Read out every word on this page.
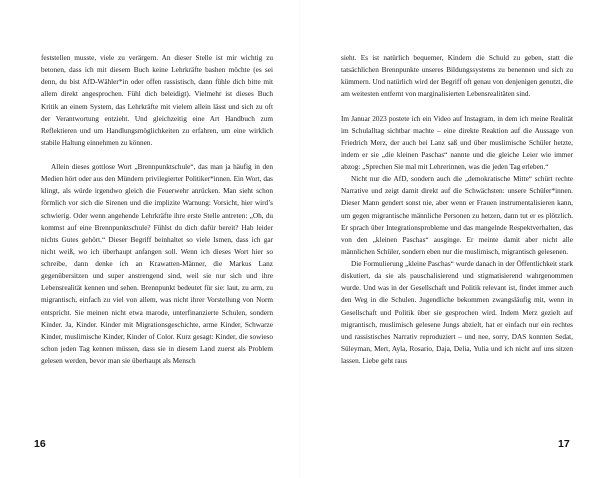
feststellen musste, viele zu verärgern. An dieser Stelle ist mir wichtig zu betonen, dass ich mit diesem Buch keine Lehrkräfte bashen möchte (es sei denn, du bist AfD-Wähler*in oder offen rassistisch, dann fühle dich bitte mit allem direkt angesprochen. Fühl dich beleidigt). Vielmehr ist dieses Buch Kritik an einem System, das Lehrkräfte mit vielem allein lässt und sich zu oft der Verantwortung entzieht. Und gleichzeitig eine Art Handbuch zum Reflektieren und um Handlungsmöglichkeiten zu erfahren, um eine wirklich stabile Haltung einnehmen zu können.

Allein dieses gottlose Wort „Brennpunktschule“, das man ja häufig in den Medien hört oder aus den Mündern privilegierter Politiker*innen. Ein Wort, das klingt, als würde irgendwo gleich die Feuerwehr anrücken. Man sieht schon förmlich vor sich die Sirenen und die implizite Warnung: Vorsicht, hier wird’s schwierig. Oder wenn angehende Lehrkräfte ihre erste Stelle antreten: „Oh, du kommst auf eine Brennpunktschule? Fühlst du dich dafür bereit? Hab leider nichts Gutes gehört.“ Dieser Begriff beinhaltet so viele Ismen, dass ich gar nicht weiß, wo ich überhaupt anfangen soll. Wenn ich dieses Wort hier so schreibe, dann denke ich an Krawatten-Männer, die Markus Lanz gegenübersitzen und super anstrengend sind, weil sie nur sich und ihre Lebensrealität kennen und sehen. Brennpunkt bedeutet für sie: laut, zu arm, zu migrantisch, einfach zu viel von allem, was nicht ihrer Vorstellung von Norm entspricht. Sie meinen nicht etwa marode, unterfinanzierte Schulen, sondern Kinder. Ja, Kinder. Kinder mit Migrationsgeschichte, arme Kinder, Schwarze Kinder, muslimische Kinder, Kinder of Color. Kurz gesagt: Kinder, die sowieso schon jeden Tag kennen müssen, dass sie in diesem Land zuerst als Problem gelesen werden, bevor man sie überhaupt als Mensch

sieht. Es ist natürlich bequemer, Kindern die Schuld zu geben, statt die tatsächlichen Brennpunkte unseres Bildungssystems zu benennen und sich zu kümmern. Und natürlich wird der Begriff oft genau von denjenigen genutzt, die am weitesten entfernt von marginalisierten Lebensrealitäten sind.

Im Januar 2023 postete ich ein Video auf Instagram, in dem ich meine Realität im Schulalltag sichtbar machte – eine direkte Reaktion auf die Aussage von Friedrich Merz, der auch bei Lanz saß und über muslimische Schüler hetzte, indem er sie „die kleinen Paschas“ nannte und die gleiche Leier wie immer abzog: „Sprechen Sie mal mit Lehrerinnen, was die jeden Tag erleben.“

Nicht nur die AfD, sondern auch die „demokratische Mitte“ schürt rechte Narrative und zeigt damit direkt auf die Schwächsten: unsere Schüler*innen. Dieser Mann gendert sonst nie, aber wenn er Frauen instrumentalisieren kann, um gegen migrantische männliche Personen zu hetzen, dann tut er es plötzlich. Er sprach über Integrationsprobleme und das mangelnde Respektverhalten, das von den „kleinen Paschas“ ausginge. Er meinte damit aber nicht alle männlichen Schüler, sondern eben nur die muslimisch, migrantisch gelesenen.

Die Formulierung „kleine Paschas“ wurde danach in der Öffentlichkeit stark diskutiert, da sie als pauschalisierend und stigmatisierend wahrgenommen wurde. Und was in der Gesellschaft und Politik relevant ist, findet immer auch den Weg in die Schulen. Jugendliche bekommen zwangsläufig mit, wenn in Gesellschaft und Politik über sie gesprochen wird. Indem Merz gezielt auf migrantisch, muslimisch gelesene Jungs abzielt, hat er einfach nur ein rechtes und rassistisches Narrativ reproduziert – und nee, sorry, DAS konnten Sedat, Süleyman, Mert, Ayla, Rosario, Daja, Delia, Yulia und ich nicht auf uns sitzen lassen. Liebe geht raus

16	17
